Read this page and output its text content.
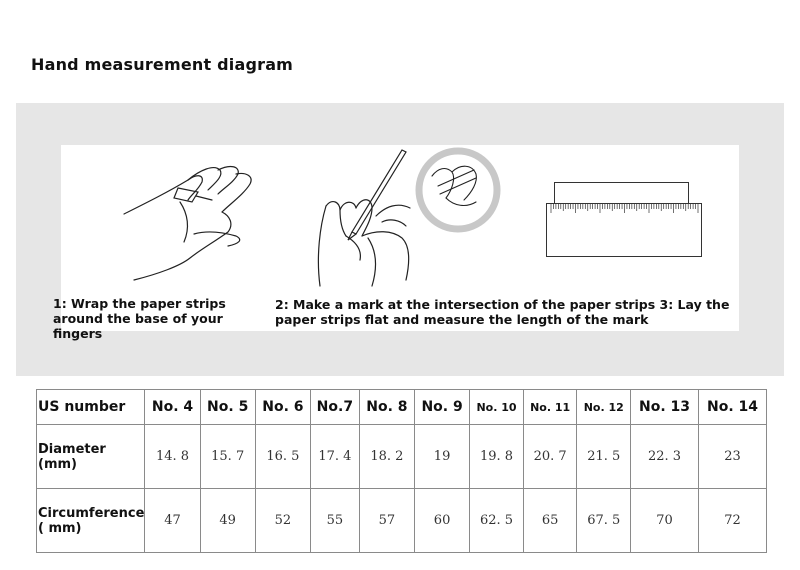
Hand measurement diagram
1: Wrap the paper strips around the base of your fingers
2: Make a mark at the intersection of the paper strips 3: Lay the paper strips flat and measure the length of the mark
US number	No. 4	No. 5	No. 6	No.7	No. 8	No. 9	No. 10	No. 11	No. 12	No. 13	No. 14
Diameter (mm)	14. 8	15. 7	16. 5	17. 4	18. 2	19	19. 8	20. 7	21. 5	22. 3	23
Circumference ( mm)	47	49	52	55	57	60	62. 5	65	67. 5	70	72
